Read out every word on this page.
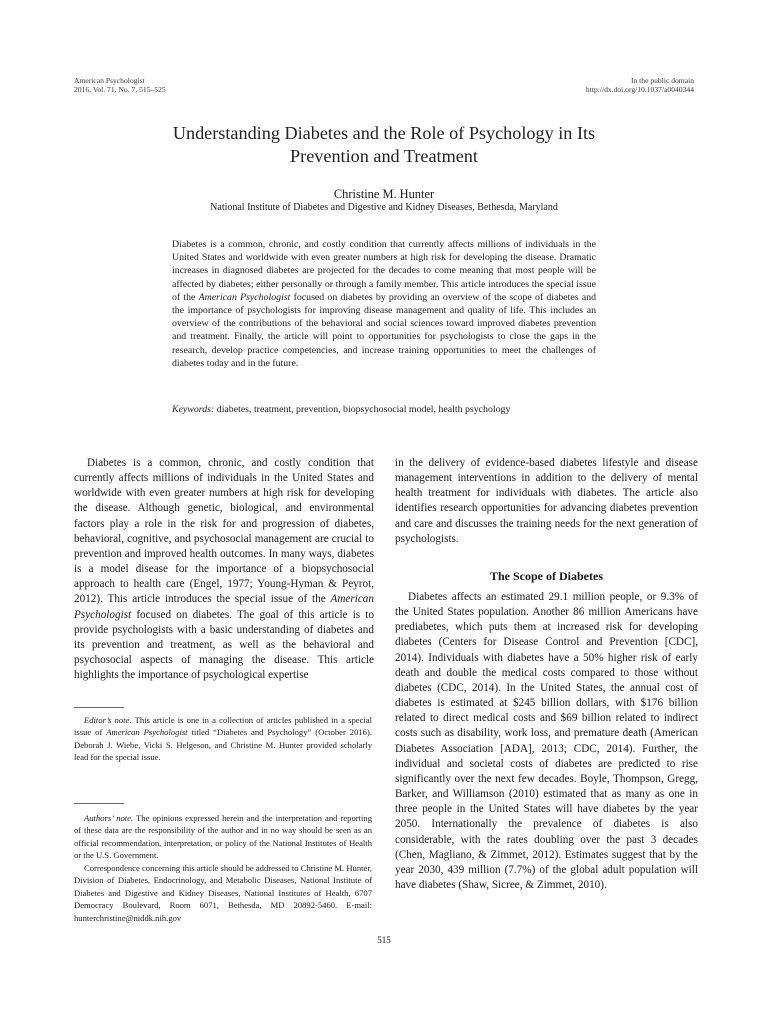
American Psychologist
2016, Vol. 71, No. 7, 515–525
In the public domain
http://dx.doi.org/10.1037/a0040344
Understanding Diabetes and the Role of Psychology in Its
Prevention and Treatment
Christine M. Hunter
National Institute of Diabetes and Digestive and Kidney Diseases, Bethesda, Maryland

Diabetes is a common, chronic, and costly condition that currently affects millions of individuals in the United States and worldwide with even greater numbers at high risk for developing the disease. Dramatic increases in diagnosed diabetes are projected for the decades to come meaning that most people will be affected by diabetes; either personally or through a family member. This article introduces the special issue of the American Psychologist focused on diabetes by providing an overview of the scope of diabetes and the importance of psychologists for improving disease management and quality of life. This includes an overview of the contributions of the behavioral and social sciences toward improved diabetes prevention and treatment. Finally, the article will point to opportunities for psychologists to close the gaps in the research, develop practice competencies, and increase training opportunities to meet the challenges of diabetes today and in the future.

Keywords: diabetes, treatment, prevention, biopsychosocial model, health psychology

Diabetes is a common, chronic, and costly condition that currently affects millions of individuals in the United States and worldwide with even greater numbers at high risk for developing the disease. Although genetic, biological, and environmental factors play a role in the risk for and progression of diabetes, behavioral, cognitive, and psychosocial management are crucial to prevention and improved health outcomes. In many ways, diabetes is a model disease for the importance of a biopsychosocial approach to health care (Engel, 1977; Young-Hyman & Peyrot, 2012). This article introduces the special issue of the American Psychologist focused on diabetes. The goal of this article is to provide psychologists with a basic understanding of diabetes and its prevention and treatment, as well as the behavioral and psychosocial aspects of managing the disease. This article highlights the importance of psychological expertise

in the delivery of evidence-based diabetes lifestyle and disease management interventions in addition to the delivery of mental health treatment for individuals with diabetes. The article also identifies research opportunities for advancing diabetes prevention and care and discusses the training needs for the next generation of psychologists.

The Scope of Diabetes

Diabetes affects an estimated 29.1 million people, or 9.3% of the United States population. Another 86 million Americans have prediabetes, which puts them at increased risk for developing diabetes (Centers for Disease Control and Prevention [CDC], 2014). Individuals with diabetes have a 50% higher risk of early death and double the medical costs compared to those without diabetes (CDC, 2014). In the United States, the annual cost of diabetes is estimated at $245 billion dollars, with $176 billion related to direct medical costs and $69 billion related to indirect costs such as disability, work loss, and premature death (American Diabetes Association [ADA], 2013; CDC, 2014). Further, the individual and societal costs of diabetes are predicted to rise significantly over the next few decades. Boyle, Thompson, Gregg, Barker, and Williamson (2010) estimated that as many as one in three people in the United States will have diabetes by the year 2050. Internationally the prevalence of diabetes is also considerable, with the rates doubling over the past 3 decades (Chen, Magliano, & Zimmet, 2012). Estimates suggest that by the year 2030, 439 million (7.7%) of the global adult population will have diabetes (Shaw, Sicree, & Zimmet, 2010).

Editor’s note. This article is one in a collection of articles published in a special issue of American Psychologist titled “Diabetes and Psychology” (October 2016). Deborah J. Wiebe, Vicki S. Helgeson, and Christine M. Hunter provided scholarly lead for the special issue.

Authors’ note. The opinions expressed herein and the interpretation and reporting of these data are the responsibility of the author and in no way should be seen as an official recommendation, interpretation, or policy of the National Institutes of Health or the U.S. Government.

Correspondence concerning this article should be addressed to Christine M. Hunter, Division of Diabetes, Endocrinology, and Metabolic Diseases, National Institute of Diabetes and Digestive and Kidney Diseases, National Institutes of Health, 6707 Democracy Boulevard, Room 6071, Bethesda, MD 20892-5460. E-mail: hunterchristine@niddk.nih.gov

515
